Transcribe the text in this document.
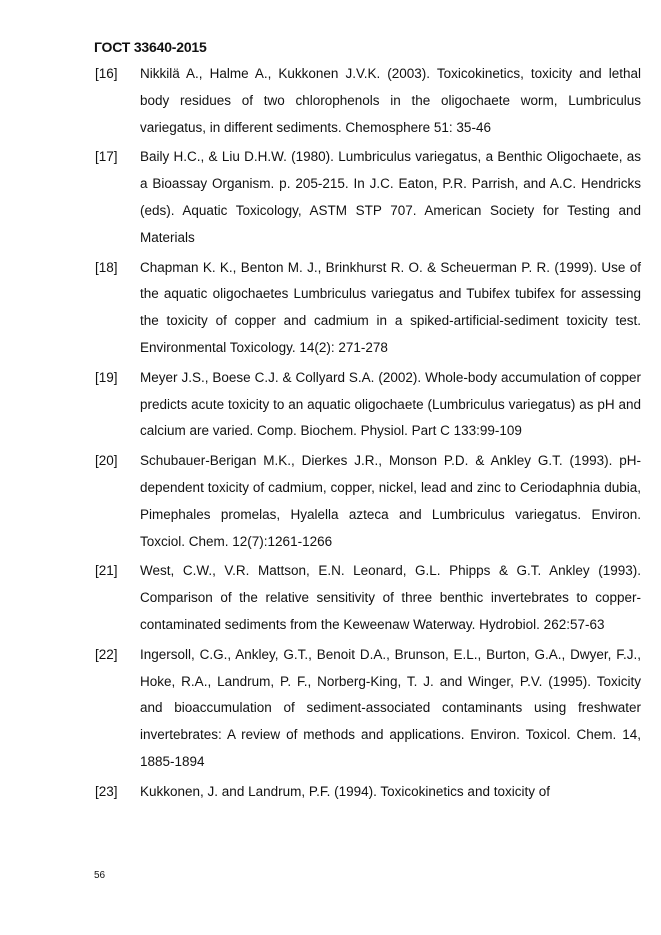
ГОСТ 33640-2015
[16]	Nikkilä A., Halme A., Kukkonen J.V.K. (2003). Toxicokinetics, toxicity and lethal body residues of two chlorophenols in the oligochaete worm, Lumbriculus variegatus, in different sediments. Chemosphere 51: 35-46
[17]	Baily H.C., & Liu D.H.W. (1980). Lumbriculus variegatus, a Benthic Oligochaete, as a Bioassay Organism. p. 205-215. In J.C. Eaton, P.R. Parrish, and A.C. Hendricks (eds). Aquatic Toxicology, ASTM STP 707. American Society for Testing and Materials
[18]	Chapman K. K., Benton M. J., Brinkhurst R. O. & Scheuerman P. R. (1999). Use of the aquatic oligochaetes Lumbriculus variegatus and Tubifex tubifex for assessing the toxicity of copper and cadmium in a spiked-artificial-sediment toxicity test. Environmental Toxicology. 14(2): 271-278
[19]	Meyer J.S., Boese C.J. & Collyard S.A. (2002). Whole-body accumulation of copper predicts acute toxicity to an aquatic oligochaete (Lumbriculus variegatus) as pH and calcium are varied. Comp. Biochem. Physiol. Part C 133:99-109
[20]	Schubauer-Berigan M.K., Dierkes J.R., Monson P.D. & Ankley G.T. (1993). pH-dependent toxicity of cadmium, copper, nickel, lead and zinc to Ceriodaphnia dubia, Pimephales promelas, Hyalella azteca and Lumbriculus variegatus. Environ. Toxciol. Chem. 12(7):1261-1266
[21]	West, C.W., V.R. Mattson, E.N. Leonard, G.L. Phipps & G.T. Ankley (1993). Comparison of the relative sensitivity of three benthic invertebrates to copper-contaminated sediments from the Keweenaw Waterway. Hydrobiol. 262:57-63
[22]	Ingersoll, C.G., Ankley, G.T., Benoit D.A., Brunson, E.L., Burton, G.A., Dwyer, F.J., Hoke, R.A., Landrum, P. F., Norberg-King, T. J. and Winger, P.V. (1995). Toxicity and bioaccumulation of sediment-associated contaminants using freshwater invertebrates: A review of methods and applications. Environ. Toxicol. Chem. 14, 1885-1894
[23]	Kukkonen, J. and Landrum, P.F. (1994). Toxicokinetics and toxicity of
56
